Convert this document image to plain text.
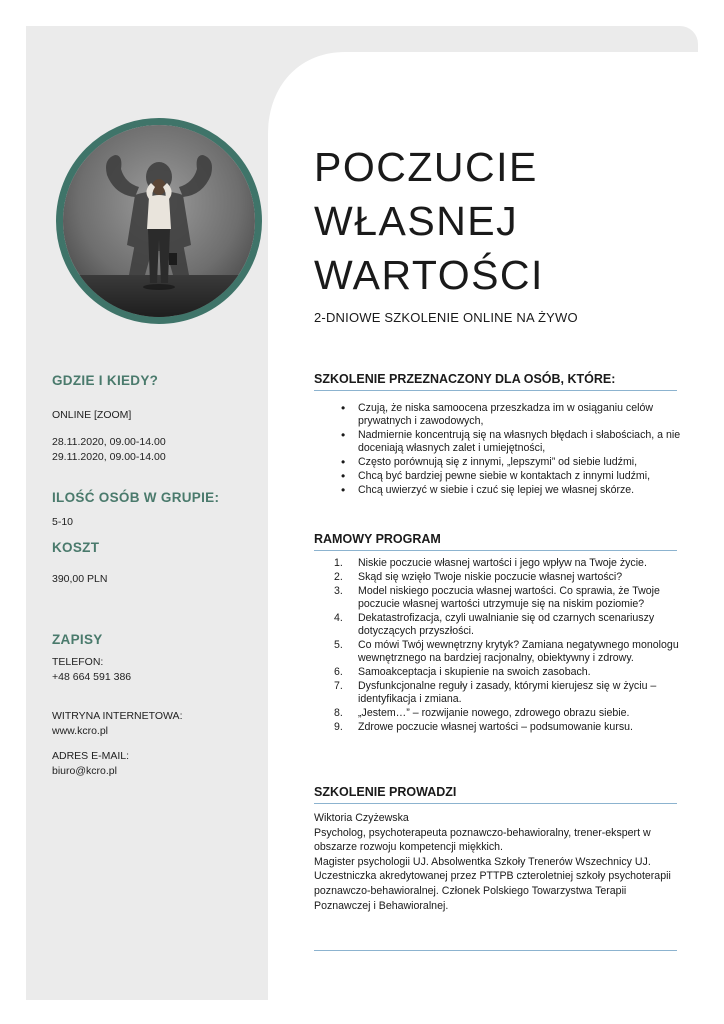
GDZIE I KIEDY?

ONLINE [ZOOM]

28.11.2020, 09.00-14.00

29.11.2020, 09.00-14.00

ILOŚĆ OSÓB W GRUPIE:

5-10

KOSZT

390,00 PLN

ZAPISY

TELEFON:

+48 664 591 386

WITRYNA INTERNETOWA:

www.kcro.pl

ADRES E-MAIL:

biuro@kcro.pl

POCZUCIE
WŁASNEJ
WARTOŚCI

2-DNIOWE SZKOLENIE ONLINE NA ŻYWO

SZKOLENIE PRZEZNACZONY DLA OSÓB, KTÓRE:
• Czują, że niska samoocena przeszkadza im w osiąganiu celów prywatnych i zawodowych,
• Nadmiernie koncentrują się na własnych błędach i słabościach, a nie doceniają własnych zalet i umiejętności,
• Często porównują się z innymi, „lepszymi” od siebie ludźmi,
• Chcą być bardziej pewne siebie w kontaktach z innymi ludźmi,
• Chcą uwierzyć w siebie i czuć się lepiej we własnej skórze.
RAMOWY PROGRAM
1. Niskie poczucie własnej wartości i jego wpływ na Twoje życie.
2. Skąd się wzięło Twoje niskie poczucie własnej wartości?
3. Model niskiego poczucia własnej wartości. Co sprawia, że Twoje poczucie własnej wartości utrzymuje się na niskim poziomie?
4. Dekatastrofizacja, czyli uwalnianie się od czarnych scenariuszy dotyczących przyszłości.
5. Co mówi Twój wewnętrzny krytyk? Zamiana negatywnego monologu wewnętrznego na bardziej racjonalny, obiektywny i zdrowy.
6. Samoakceptacja i skupienie na swoich zasobach.
7. Dysfunkcjonalne reguły i zasady, którymi kierujesz się w życiu – identyfikacja i zmiana.
8. „Jestem…” – rozwijanie nowego, zdrowego obrazu siebie.
9. Zdrowe poczucie własnej wartości – podsumowanie kursu.
SZKOLENIE PROWADZI
Wiktoria Czyżewska
Psycholog, psychoterapeuta poznawczo-behawioralny, trener-ekspert w obszarze rozwoju kompetencji miękkich.
Magister psychologii UJ. Absolwentka Szkoły Trenerów Wszechnicy UJ. Uczestniczka akredytowanej przez PTTPB czteroletniej szkoły psychoterapii poznawczo-behawioralnej. Członek Polskiego Towarzystwa Terapii Poznawczej i Behawioralnej.
